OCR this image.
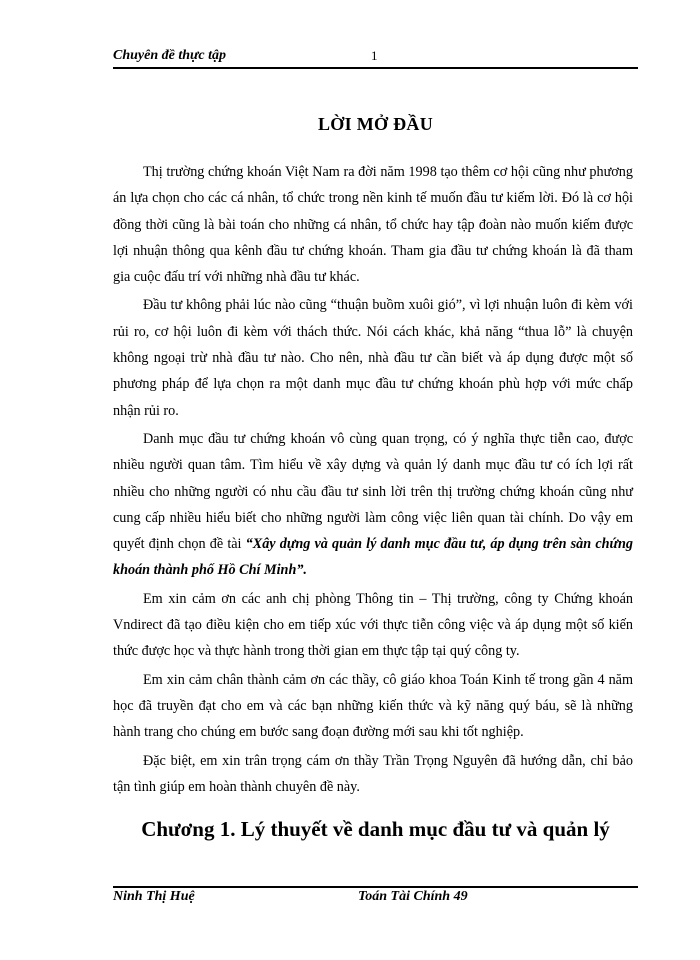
Chuyên đề thực tập	1
LỜI MỞ ĐẦU

Thị trường chứng khoán Việt Nam ra đời năm 1998 tạo thêm cơ hội cũng như phương án lựa chọn cho các cá nhân, tổ chức trong nền kinh tế muốn đầu tư kiếm lời. Đó là cơ hội đồng thời cũng là bài toán cho những cá nhân, tổ chức hay tập đoàn nào muốn kiếm được lợi nhuận thông qua kênh đầu tư chứng khoán. Tham gia đầu tư chứng khoán là đã tham gia cuộc đấu trí với những nhà đầu tư khác.

Đầu tư không phải lúc nào cũng “thuận buồm xuôi gió”, vì lợi nhuận luôn đi kèm với rủi ro, cơ hội luôn đi kèm với thách thức. Nói cách khác, khả năng “thua lỗ” là chuyện không ngoại trừ nhà đầu tư nào. Cho nên, nhà đầu tư cần biết và áp dụng được một số phương pháp để lựa chọn ra một danh mục đầu tư chứng khoán phù hợp với mức chấp nhận rủi ro.

Danh mục đầu tư chứng khoán vô cùng quan trọng, có ý nghĩa thực tiễn cao, được nhiều người quan tâm. Tìm hiểu về xây dựng và quản lý danh mục đầu tư có ích lợi rất nhiều cho những người có nhu cầu đầu tư sinh lời trên thị trường chứng khoán cũng như cung cấp nhiều hiểu biết cho những người làm công việc liên quan tài chính. Do vậy em quyết định chọn đề tài “Xây dựng và quản lý danh mục đầu tư, áp dụng trên sàn chứng khoán thành phố Hồ Chí Minh”.

Em xin cảm ơn các anh chị phòng Thông tin – Thị trường, công ty Chứng khoán Vndirect đã tạo điều kiện cho em tiếp xúc với thực tiễn công việc và áp dụng một số kiến thức được học và thực hành trong thời gian em thực tập tại quý công ty.

Em xin cảm chân thành cảm ơn các thầy, cô giáo khoa Toán Kinh tế trong gần 4 năm học đã truyền đạt cho em và các bạn những kiến thức và kỹ năng quý báu, sẽ là những hành trang cho chúng em bước sang đoạn đường mới sau khi tốt nghiệp.

Đặc biệt, em xin trân trọng cám ơn thầy Trần Trọng Nguyên đã hướng dẫn, chỉ bảo tận tình giúp em hoàn thành chuyên đề này.

Chương 1. Lý thuyết về danh mục đầu tư và quản lý
Ninh Thị Huệ	Toán Tài Chính 49
